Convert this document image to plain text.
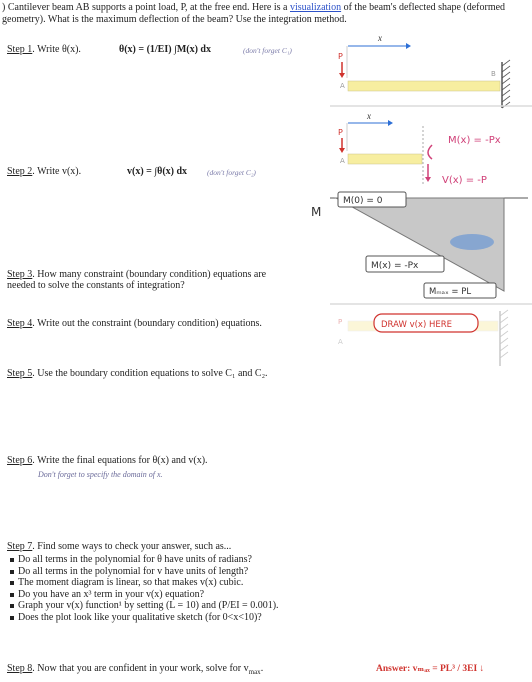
) Cantilever beam AB supports a point load, P, at the free end. Here is a visualization of the beam's deflected shape (deformed geometry). What is the maximum deflection of the beam? Use the integration method.
Step 1. Write θ(x).	θ(x) = (1/EI) ∫M(x) dx	(don't forget C₁)
Step 2. Write v(x).	v(x) = ∫θ(x) dx	(don't forget C₂)
Step 3. How many constraint (boundary condition) equations are
needed to solve the constants of integration?
Step 4. Write out the constraint (boundary condition) equations.
Step 5. Use the boundary condition equations to solve C₁ and C₂.
Step 6. Write the final equations for θ(x) and v(x).
Don't forget to specify the domain of x.
Step 7. Find some ways to check your answer, such as...
Do all terms in the polynomial for θ have units of radians?
Do all terms in the polynomial for v have units of length?
The moment diagram is linear, so that makes v(x) cubic.
Do you have an x³ term in your v(x) equation?
Graph your v(x) function¹ by setting (L = 10) and (P/EI = 0.001).
Does the plot look like your qualitative sketch (for 0<x<10)?
Step 8. Now that you are confident in your work, solve for $v_{max}$.	Answer: vₘₐₓ = PL³ / 3EI ↓
x
P
A
B
x
P
A
M(x) = -Px
V(x) = -P
M
M(0) = 0
M(x) = -Px
Mₘₐₓ = PL
P
A
DRAW v(x) HERE
